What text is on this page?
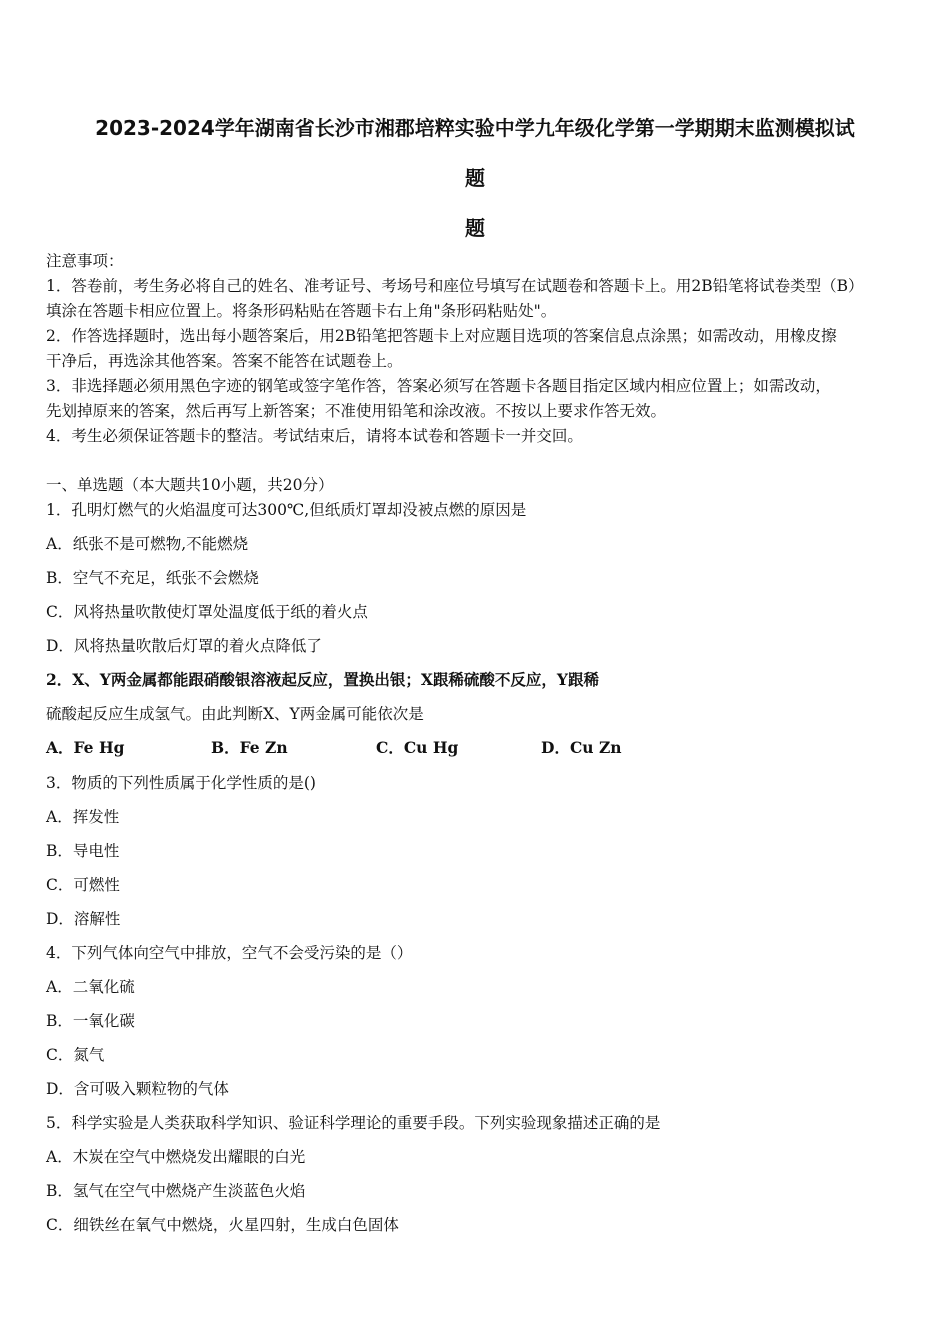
2023-2024学年湖南省长沙市湘郡培粹实验中学九年级化学第一学期期末监测模拟试
题
题
注意事项：
1．答卷前，考生务必将自己的姓名、准考证号、考场号和座位号填写在试题卷和答题卡上。用2B铅笔将试卷类型（B）
填涂在答题卡相应位置上。将条形码粘贴在答题卡右上角"条形码粘贴处"。
2．作答选择题时，选出每小题答案后，用2B铅笔把答题卡上对应题目选项的答案信息点涂黑；如需改动，用橡皮擦
干净后，再选涂其他答案。答案不能答在试题卷上。
3．非选择题必须用黑色字迹的钢笔或签字笔作答，答案必须写在答题卡各题目指定区域内相应位置上；如需改动，
先划掉原来的答案，然后再写上新答案；不准使用铅笔和涂改液。不按以上要求作答无效。
4．考生必须保证答题卡的整洁。考试结束后，请将本试卷和答题卡一并交回。
一、单选题（本大题共10小题，共20分）
1．孔明灯燃气的火焰温度可达300℃,但纸质灯罩却没被点燃的原因是
A．纸张不是可燃物,不能燃烧
B．空气不充足，纸张不会燃烧
C．风将热量吹散使灯罩处温度低于纸的着火点
D．风将热量吹散后灯罩的着火点降低了
2．X、Y两金属都能跟硝酸银溶液起反应，置换出银；X跟稀硫酸不反应，Y跟稀
硫酸起反应生成氢气。由此判断X、Y两金属可能依次是
A．Fe Hg	B．Fe Zn	C．Cu Hg	D．Cu Zn
3．物质的下列性质属于化学性质的是()
A．挥发性
B．导电性
C．可燃性
D．溶解性
4．下列气体向空气中排放，空气不会受污染的是（）
A．二氧化硫
B．一氧化碳
C．氮气
D．含可吸入颗粒物的气体
5．科学实验是人类获取科学知识、验证科学理论的重要手段。下列实验现象描述正确的是
A．木炭在空气中燃烧发出耀眼的白光
B．氢气在空气中燃烧产生淡蓝色火焰
C．细铁丝在氧气中燃烧，火星四射，生成白色固体
